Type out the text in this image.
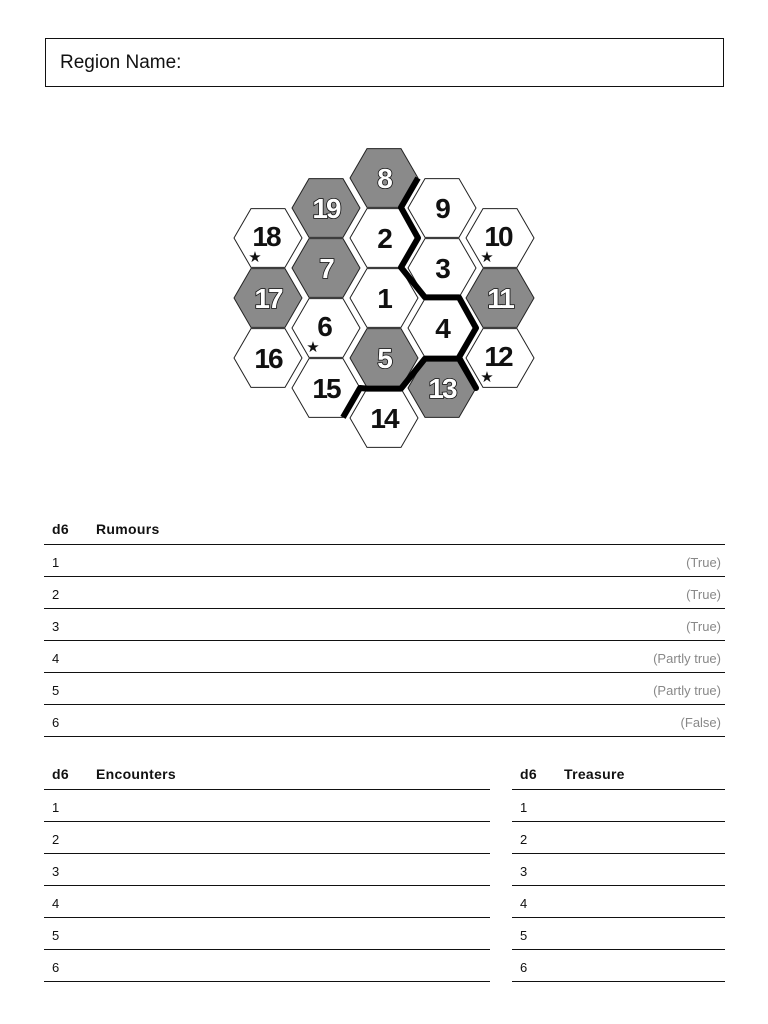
Region Name:
1
2
3
4
5
6
★
7
8
9
10
★
11
12
★
13
14
15
16
17
18
★
19
d6 Rumours
1	(True)
2	(True)
3	(True)
4	(Partly true)
5	(Partly true)
6	(False)
d6 Encounters
1
2
3
4
5
6
d6 Treasure
1
2
3
4
5
6
